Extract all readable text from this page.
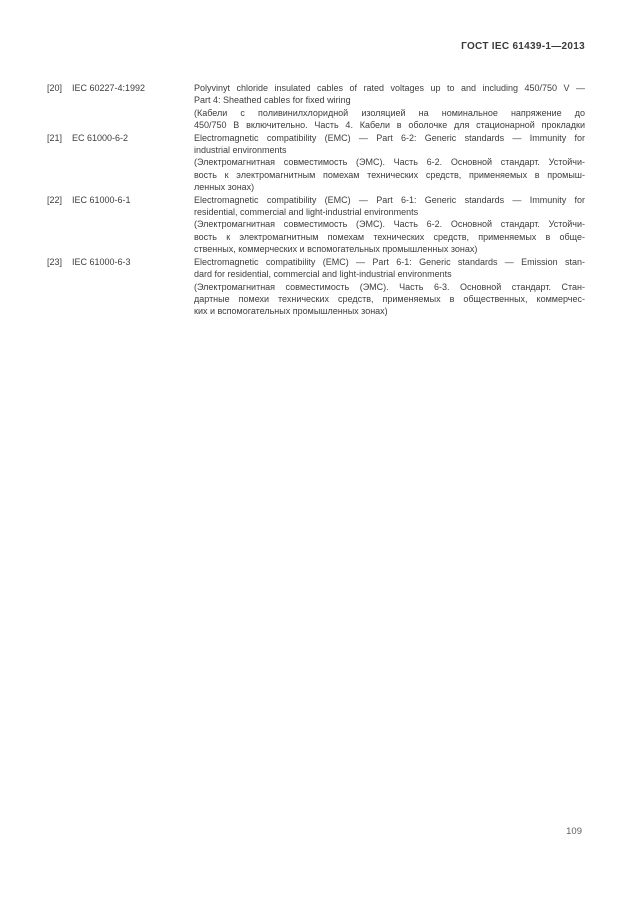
ГОСТ IEC 61439-1—2013
[20]	IEC 60227-4:1992	Polyvinyt chloride insulated cables of rated voltages up to and including 450/750 V —
Part 4: Sheathed cables for fixed wiring
(Кабели с поливинилхлоридной изоляцией на номинальное напряжение до
450/750 В включительно. Часть 4. Кабели в оболочке для стационарной прокладки
[21]	EC 61000-6-2	Electromagnetic compatibility (EMC) — Part 6-2: Generic standards — Immunity for
industrial environments
(Электромагнитная совместимость (ЭМС). Часть 6-2. Основной стандарт. Устойчи-
вость к электромагнитным помехам технических средств, применяемых в промыш-
ленных зонах)
[22]	IEC 61000-6-1	Electromagnetic compatibility (EMC) — Part 6-1: Generic standards — Immunity for
residential, commercial and light-industrial environments
(Электромагнитная совместимость (ЭМС). Часть 6-2. Основной стандарт. Устойчи-
вость к электромагнитным помехам технических средств, применяемых в обще-
ственных, коммерческих и вспомогательных промышленных зонах)
[23]	IEC 61000-6-3	Electromagnetic compatibility (EMC) — Part 6-1: Generic standards — Emission stan-
dard for residential, commercial and light-industrial environments
(Электромагнитная совместимость (ЭМС). Часть 6-3. Основной стандарт. Стан-
дартные помехи технических средств, применяемых в общественных, коммерчес-
ких и вспомогательных промышленных зонах)
109
